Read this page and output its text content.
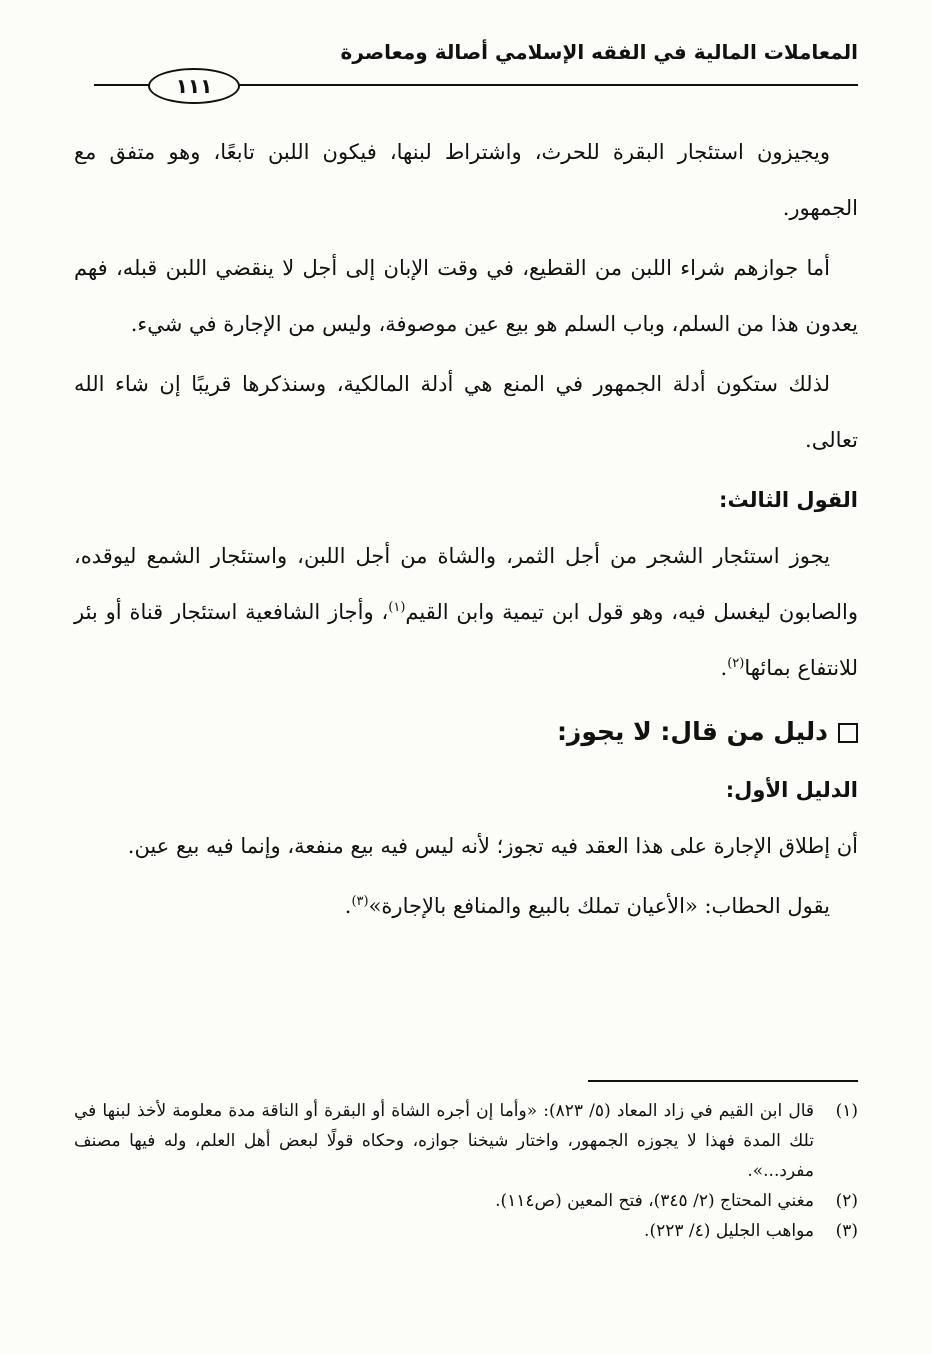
المعاملات المالية في الفقه الإسلامي أصالة ومعاصرة
١١١

ويجيزون استئجار البقرة للحرث، واشتراط لبنها، فيكون اللبن تابعًا، وهو متفق مع الجمهور.

أما جوازهم شراء اللبن من القطيع، في وقت الإبان إلى أجل لا ينقضي اللبن قبله، فهم يعدون هذا من السلم، وباب السلم هو بيع عين موصوفة، وليس من الإجارة في شيء.

لذلك ستكون أدلة الجمهور في المنع هي أدلة المالكية، وسنذكرها قريبًا إن شاء الله تعالى.

القول الثالث:

يجوز استئجار الشجر من أجل الثمر، والشاة من أجل اللبن، واستئجار الشمع ليوقده، والصابون ليغسل فيه، وهو قول ابن تيمية وابن القيم$^{(١)}$، وأجاز الشافعية استئجار قناة أو بئر للانتفاع بمائها$^{(٢)}$.

دليل من قال: لا يجوز:
الدليل الأول:

أن إطلاق الإجارة على هذا العقد فيه تجوز؛ لأنه ليس فيه بيع منفعة، وإنما فيه بيع عين.

يقول الحطاب: «الأعيان تملك بالبيع والمنافع بالإجارة»$^{(٣)}$.

(١)
قال ابن القيم في زاد المعاد (٥/ ٨٢٣): «وأما إن أجره الشاة أو البقرة أو الناقة مدة معلومة لأخذ لبنها في تلك المدة فهذا لا يجوزه الجمهور، واختار شيخنا جوازه، وحكاه قولًا لبعض أهل العلم، وله فيها مصنف مفرد...».
(٢)
مغني المحتاج (٢/ ٣٤٥)، فتح المعين (ص١١٤).
(٣)
مواهب الجليل (٤/ ٢٢٣).
